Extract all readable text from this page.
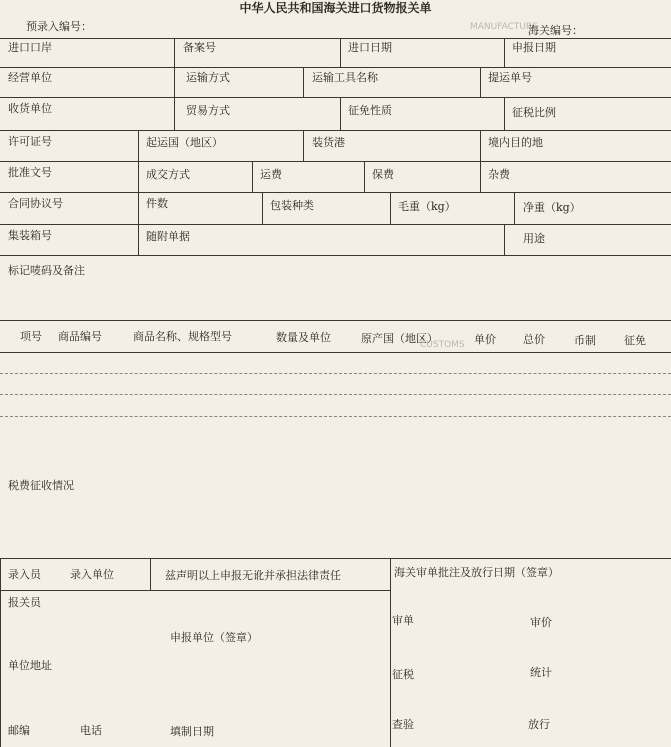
中华人民共和国海关进口货物报关单
MANUFACTURE
CUSTOMS
预录入编号：	海关编号：
进口口岸	备案号	进口日期	申报日期
经营单位	运输方式	运输工具名称	提运单号
收货单位	贸易方式	征免性质	征税比例
许可证号	起运国（地区）	装货港	境内目的地
批准文号	成交方式	运费	保费	杂费
合同协议号	件数	包装种类	毛重（kg）	净重（kg）
集装箱号	随附单据	用途
标记唛码及备注
项号 商品编号	商品名称、规格型号	数量及单位	原产国（地区）	单价 总价	币制	征免
税费征收情况
录入员	录入单位	兹声明以上申报无讹并承担法律责任	海关审单批注及放行日期（签章）
报关员
审单	审价
申报单位（签章）
单位地址
征税	统计
邮编	电话	填制日期
查验	放行
